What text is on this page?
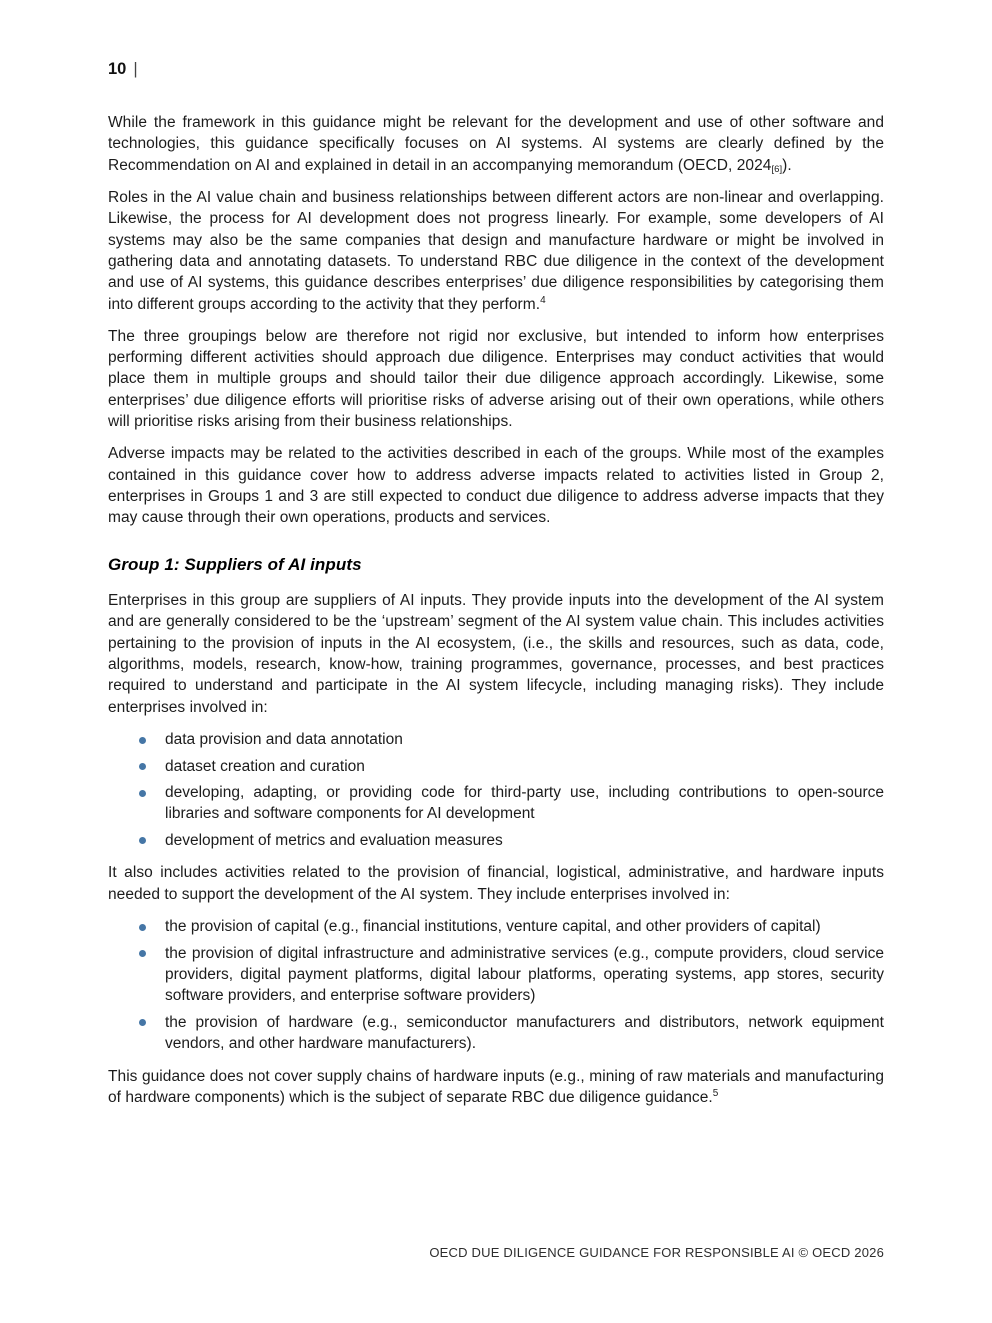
10 |

While the framework in this guidance might be relevant for the development and use of other software and technologies, this guidance specifically focuses on AI systems. AI systems are clearly defined by the Recommendation on AI and explained in detail in an accompanying memorandum (OECD, $2024_{[6]}$).

Roles in the AI value chain and business relationships between different actors are non-linear and overlapping. Likewise, the process for AI development does not progress linearly. For example, some developers of AI systems may also be the same companies that design and manufacture hardware or might be involved in gathering data and annotating datasets. To understand RBC due diligence in the context of the development and use of AI systems, this guidance describes enterprises’ due diligence responsibilities by categorising them into different groups according to the activity that they perform.$^4$

The three groupings below are therefore not rigid nor exclusive, but intended to inform how enterprises performing different activities should approach due diligence. Enterprises may conduct activities that would place them in multiple groups and should tailor their due diligence approach accordingly. Likewise, some enterprises’ due diligence efforts will prioritise risks of adverse arising out of their own operations, while others will prioritise risks arising from their business relationships.

Adverse impacts may be related to the activities described in each of the groups. While most of the examples contained in this guidance cover how to address adverse impacts related to activities listed in Group 2, enterprises in Groups 1 and 3 are still expected to conduct due diligence to address adverse impacts that they may cause through their own operations, products and services.

Group 1: Suppliers of AI inputs

Enterprises in this group are suppliers of AI inputs. They provide inputs into the development of the AI system and are generally considered to be the ‘upstream’ segment of the AI system value chain. This includes activities pertaining to the provision of inputs in the AI ecosystem, (i.e., the skills and resources, such as data, code, algorithms, models, research, know-how, training programmes, governance, processes, and best practices required to understand and participate in the AI system lifecycle, including managing risks). They include enterprises involved in:

data provision and data annotation
dataset creation and curation
developing, adapting, or providing code for third-party use, including contributions to open-source libraries and software components for AI development
development of metrics and evaluation measures

It also includes activities related to the provision of financial, logistical, administrative, and hardware inputs needed to support the development of the AI system. They include enterprises involved in:

the provision of capital (e.g., financial institutions, venture capital, and other providers of capital)
the provision of digital infrastructure and administrative services (e.g., compute providers, cloud service providers, digital payment platforms, digital labour platforms, operating systems, app stores, security software providers, and enterprise software providers)
the provision of hardware (e.g., semiconductor manufacturers and distributors, network equipment vendors, and other hardware manufacturers).

This guidance does not cover supply chains of hardware inputs (e.g., mining of raw materials and manufacturing of hardware components) which is the subject of separate RBC due diligence guidance.$^5$

OECD DUE DILIGENCE GUIDANCE FOR RESPONSIBLE AI © OECD 2026
